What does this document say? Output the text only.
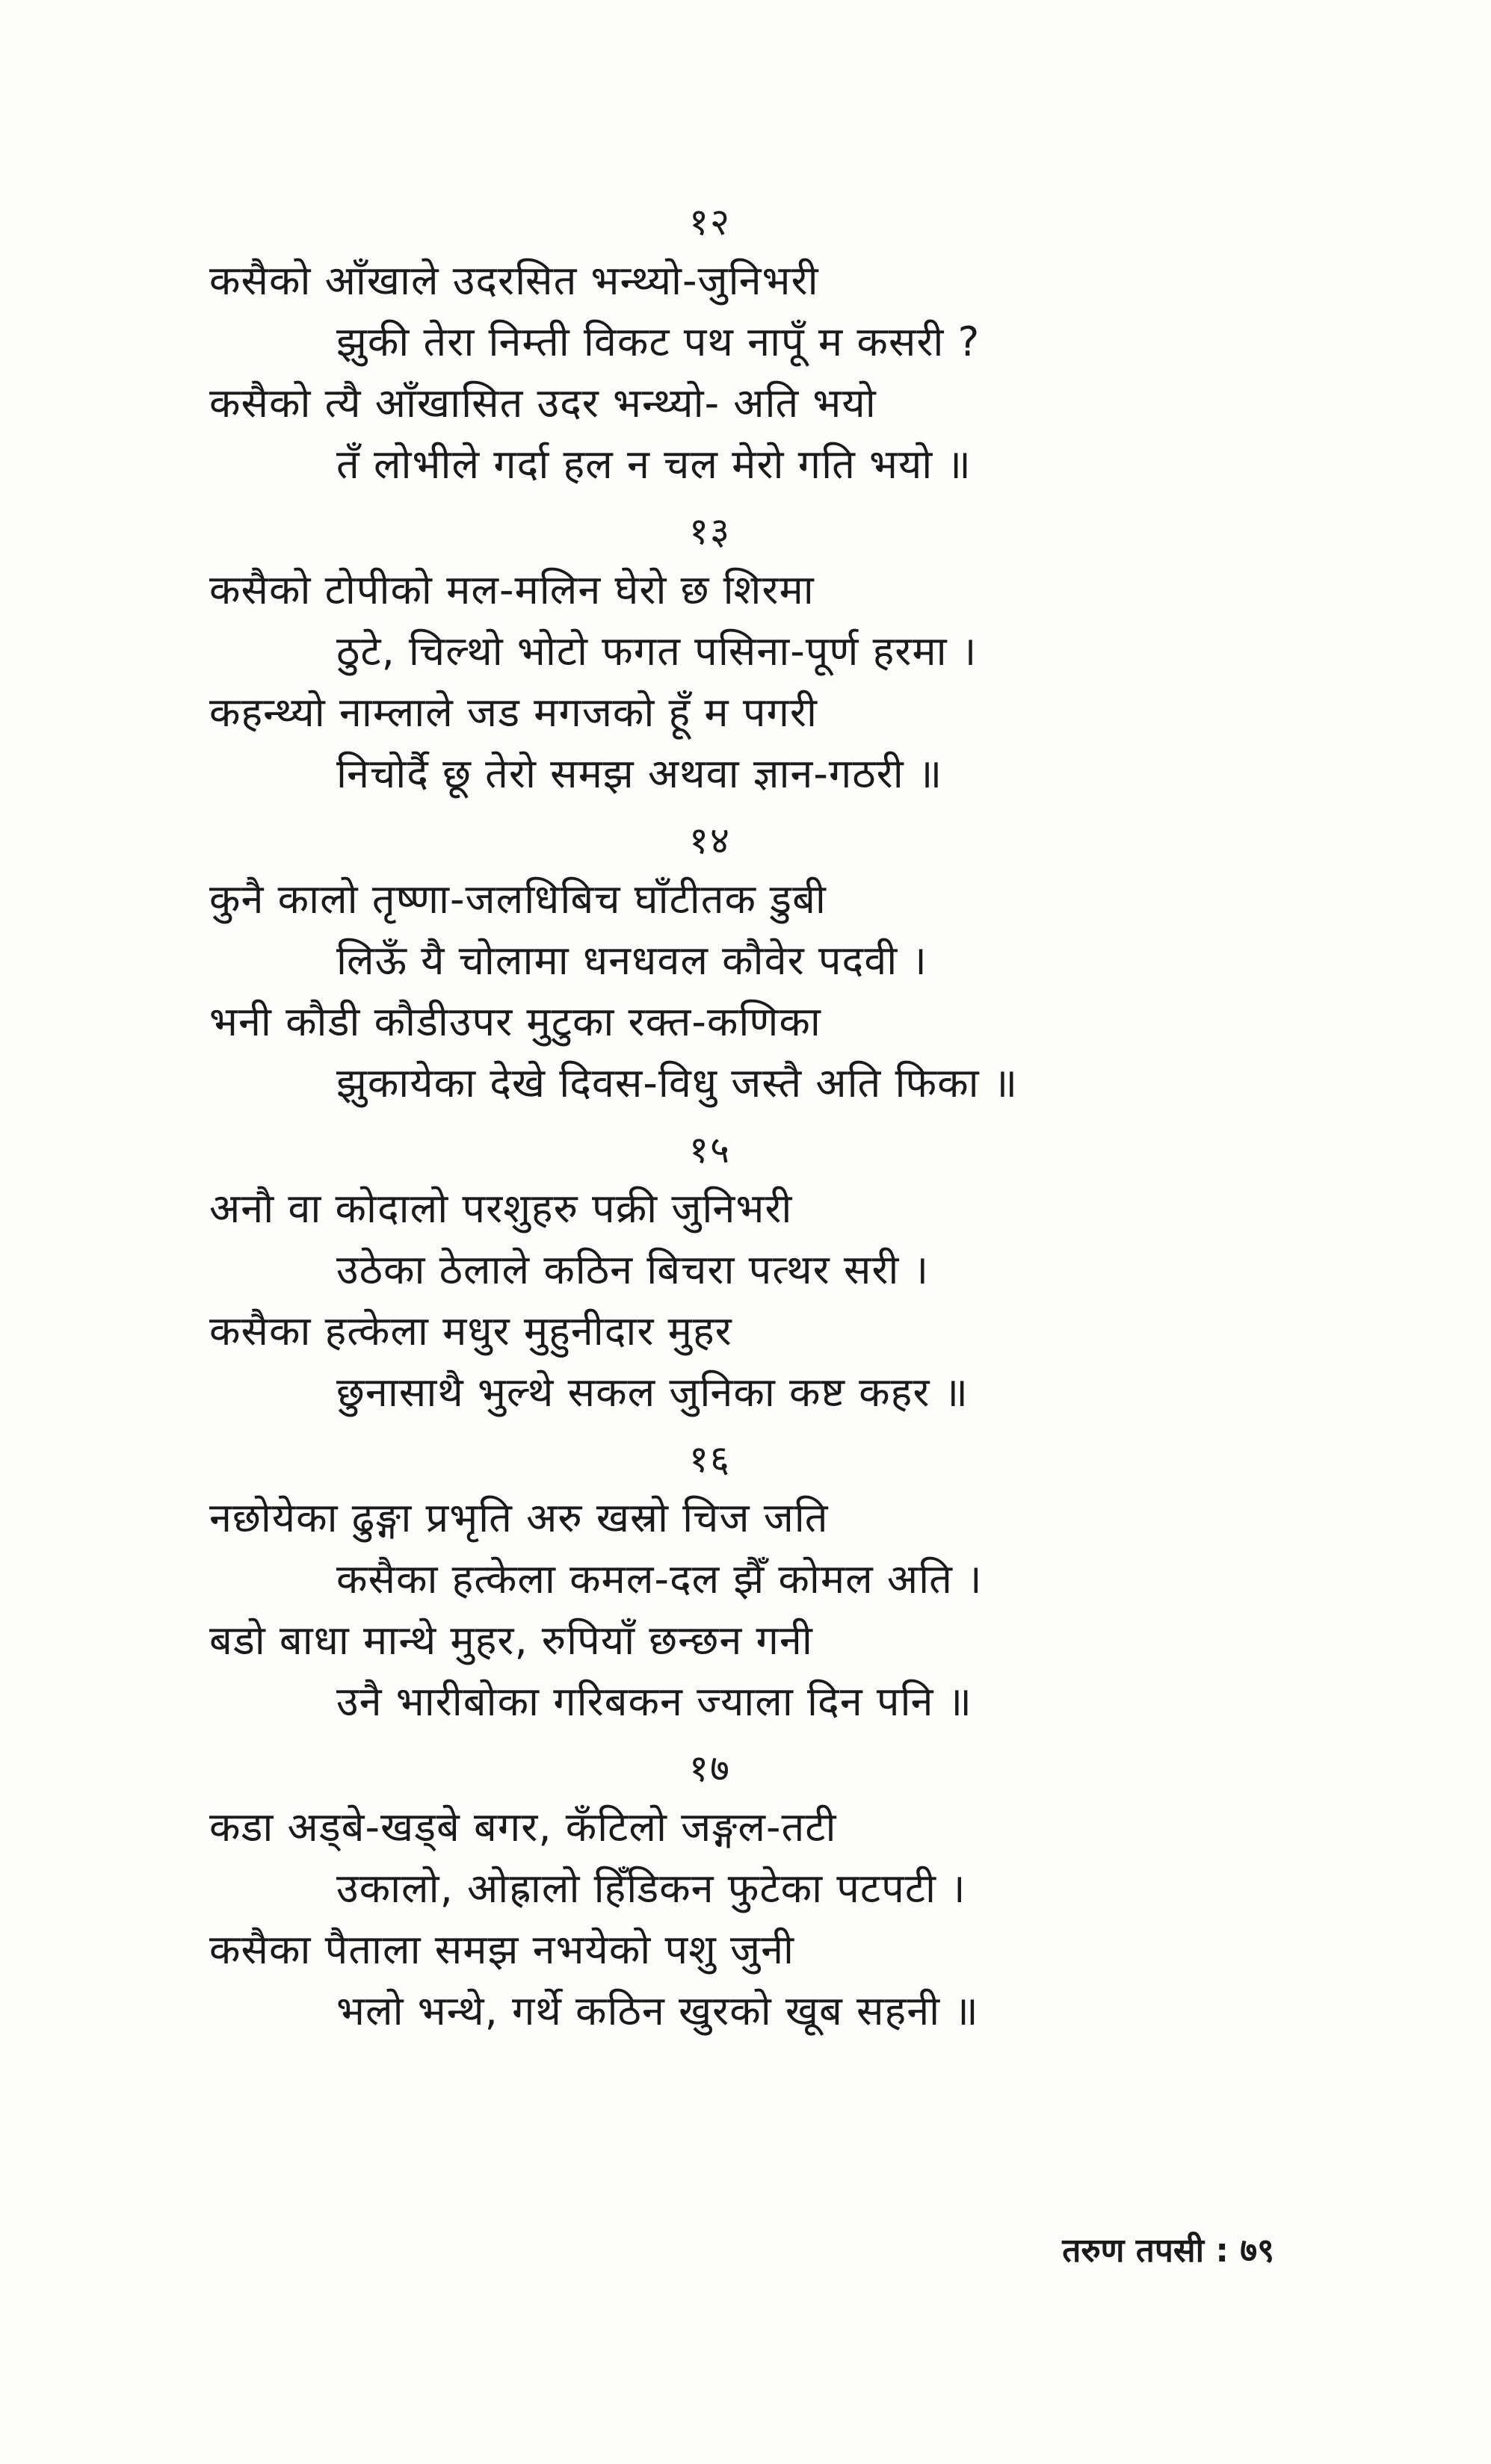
१२
कसैको आँखाले उदरसित भन्थ्यो-जुनिभरी
झुकी तेरा निम्ती विकट पथ नापूँ म कसरी ?
कसैको त्यै आँखासित उदर भन्थ्यो- अति भयो
तँ लोभीले गर्दा हल न चल मेरो गति भयो ॥
१३
कसैको टोपीको मल-मलिन घेरो छ शिरमा
ठुटे, चिल्थो भोटो फगत पसिना-पूर्ण हरमा ।
कहन्थ्यो नाम्लाले जड मगजको हूँ म पगरी
निचोर्दै छू तेरो समझ अथवा ज्ञान-गठरी ॥
१४
कुनै कालो तृष्णा-जलधिबिच घाँटीतक डुबी
लिऊँ यै चोलामा धनधवल कौवेर पदवी ।
भनी कौडी कौडीउपर मुटुका रक्त-कणिका
झुकायेका देखे दिवस-विधु जस्तै अति फिका ॥
१५
अनौ वा कोदालो परशुहरु पक्री जुनिभरी
उठेका ठेलाले कठिन बिचरा पत्थर सरी ।
कसैका हत्केला मधुर मुहुनीदार मुहर
छुनासाथै भुल्थे सकल जुनिका कष्ट कहर ॥
१६
नछोयेका ढुङ्गा प्रभृति अरु खस्रो चिज जति
कसैका हत्केला कमल-दल झैँ कोमल अति ।
बडो बाधा मान्थे मुहर, रुपियाँ छन्छन गनी
उनै भारीबोका गरिबकन ज्याला दिन पनि ॥
१७
कडा अड्बे-खड्बे बगर, कँटिलो जङ्गल-तटी
उकालो, ओह्रालो हिँडिकन फुटेका पटपटी ।
कसैका पैताला समझ नभयेको पशु जुनी
भलो भन्थे, गर्थे कठिन खुरको खूब सहनी ॥
तरुण तपसी : ७९
